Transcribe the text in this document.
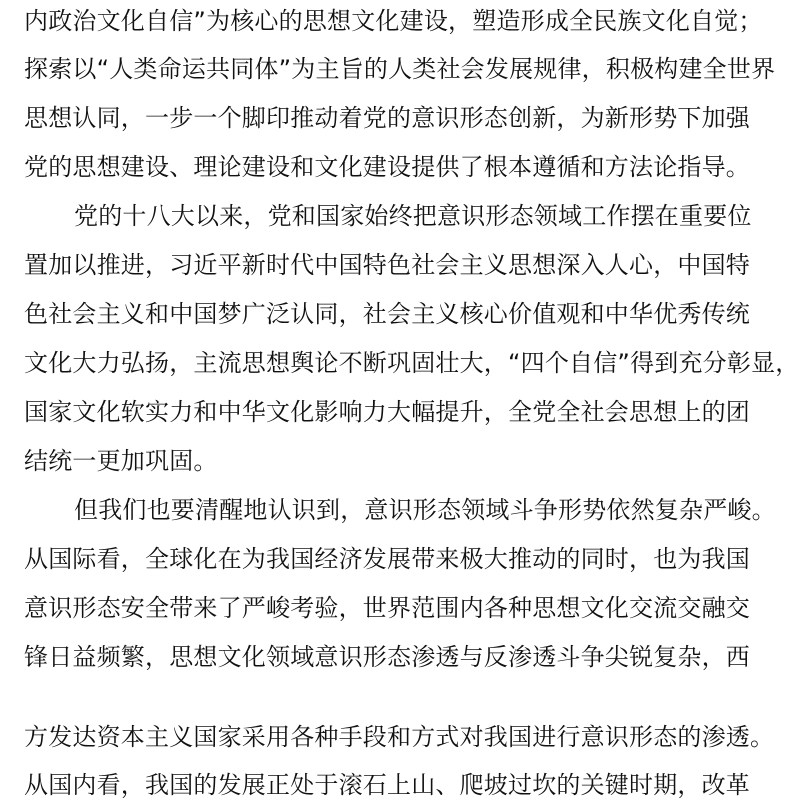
内政治文化自信”为核心的思想文化建设，塑造形成全民族文化自觉；
探索以“人类命运共同体”为主旨的人类社会发展规律，积极构建全世界
思想认同，一步一个脚印推动着党的意识形态创新，为新形势下加强
党的思想建设、理论建设和文化建设提供了根本遵循和方法论指导。
党的十八大以来，党和国家始终把意识形态领域工作摆在重要位
置加以推进，习近平新时代中国特色社会主义思想深入人心，中国特
色社会主义和中国梦广泛认同，社会主义核心价值观和中华优秀传统
文化大力弘扬，主流思想舆论不断巩固壮大，“四个自信”得到充分彰显，
国家文化软实力和中华文化影响力大幅提升，全党全社会思想上的团
结统一更加巩固。
但我们也要清醒地认识到，意识形态领域斗争形势依然复杂严峻。
从国际看，全球化在为我国经济发展带来极大推动的同时，也为我国
意识形态安全带来了严峻考验，世界范围内各种思想文化交流交融交
锋日益频繁，思想文化领域意识形态渗透与反渗透斗争尖锐复杂，西
方发达资本主义国家采用各种手段和方式对我国进行意识形态的渗透。
从国内看，我国的发展正处于滚石上山、爬坡过坎的关键时期，改革
